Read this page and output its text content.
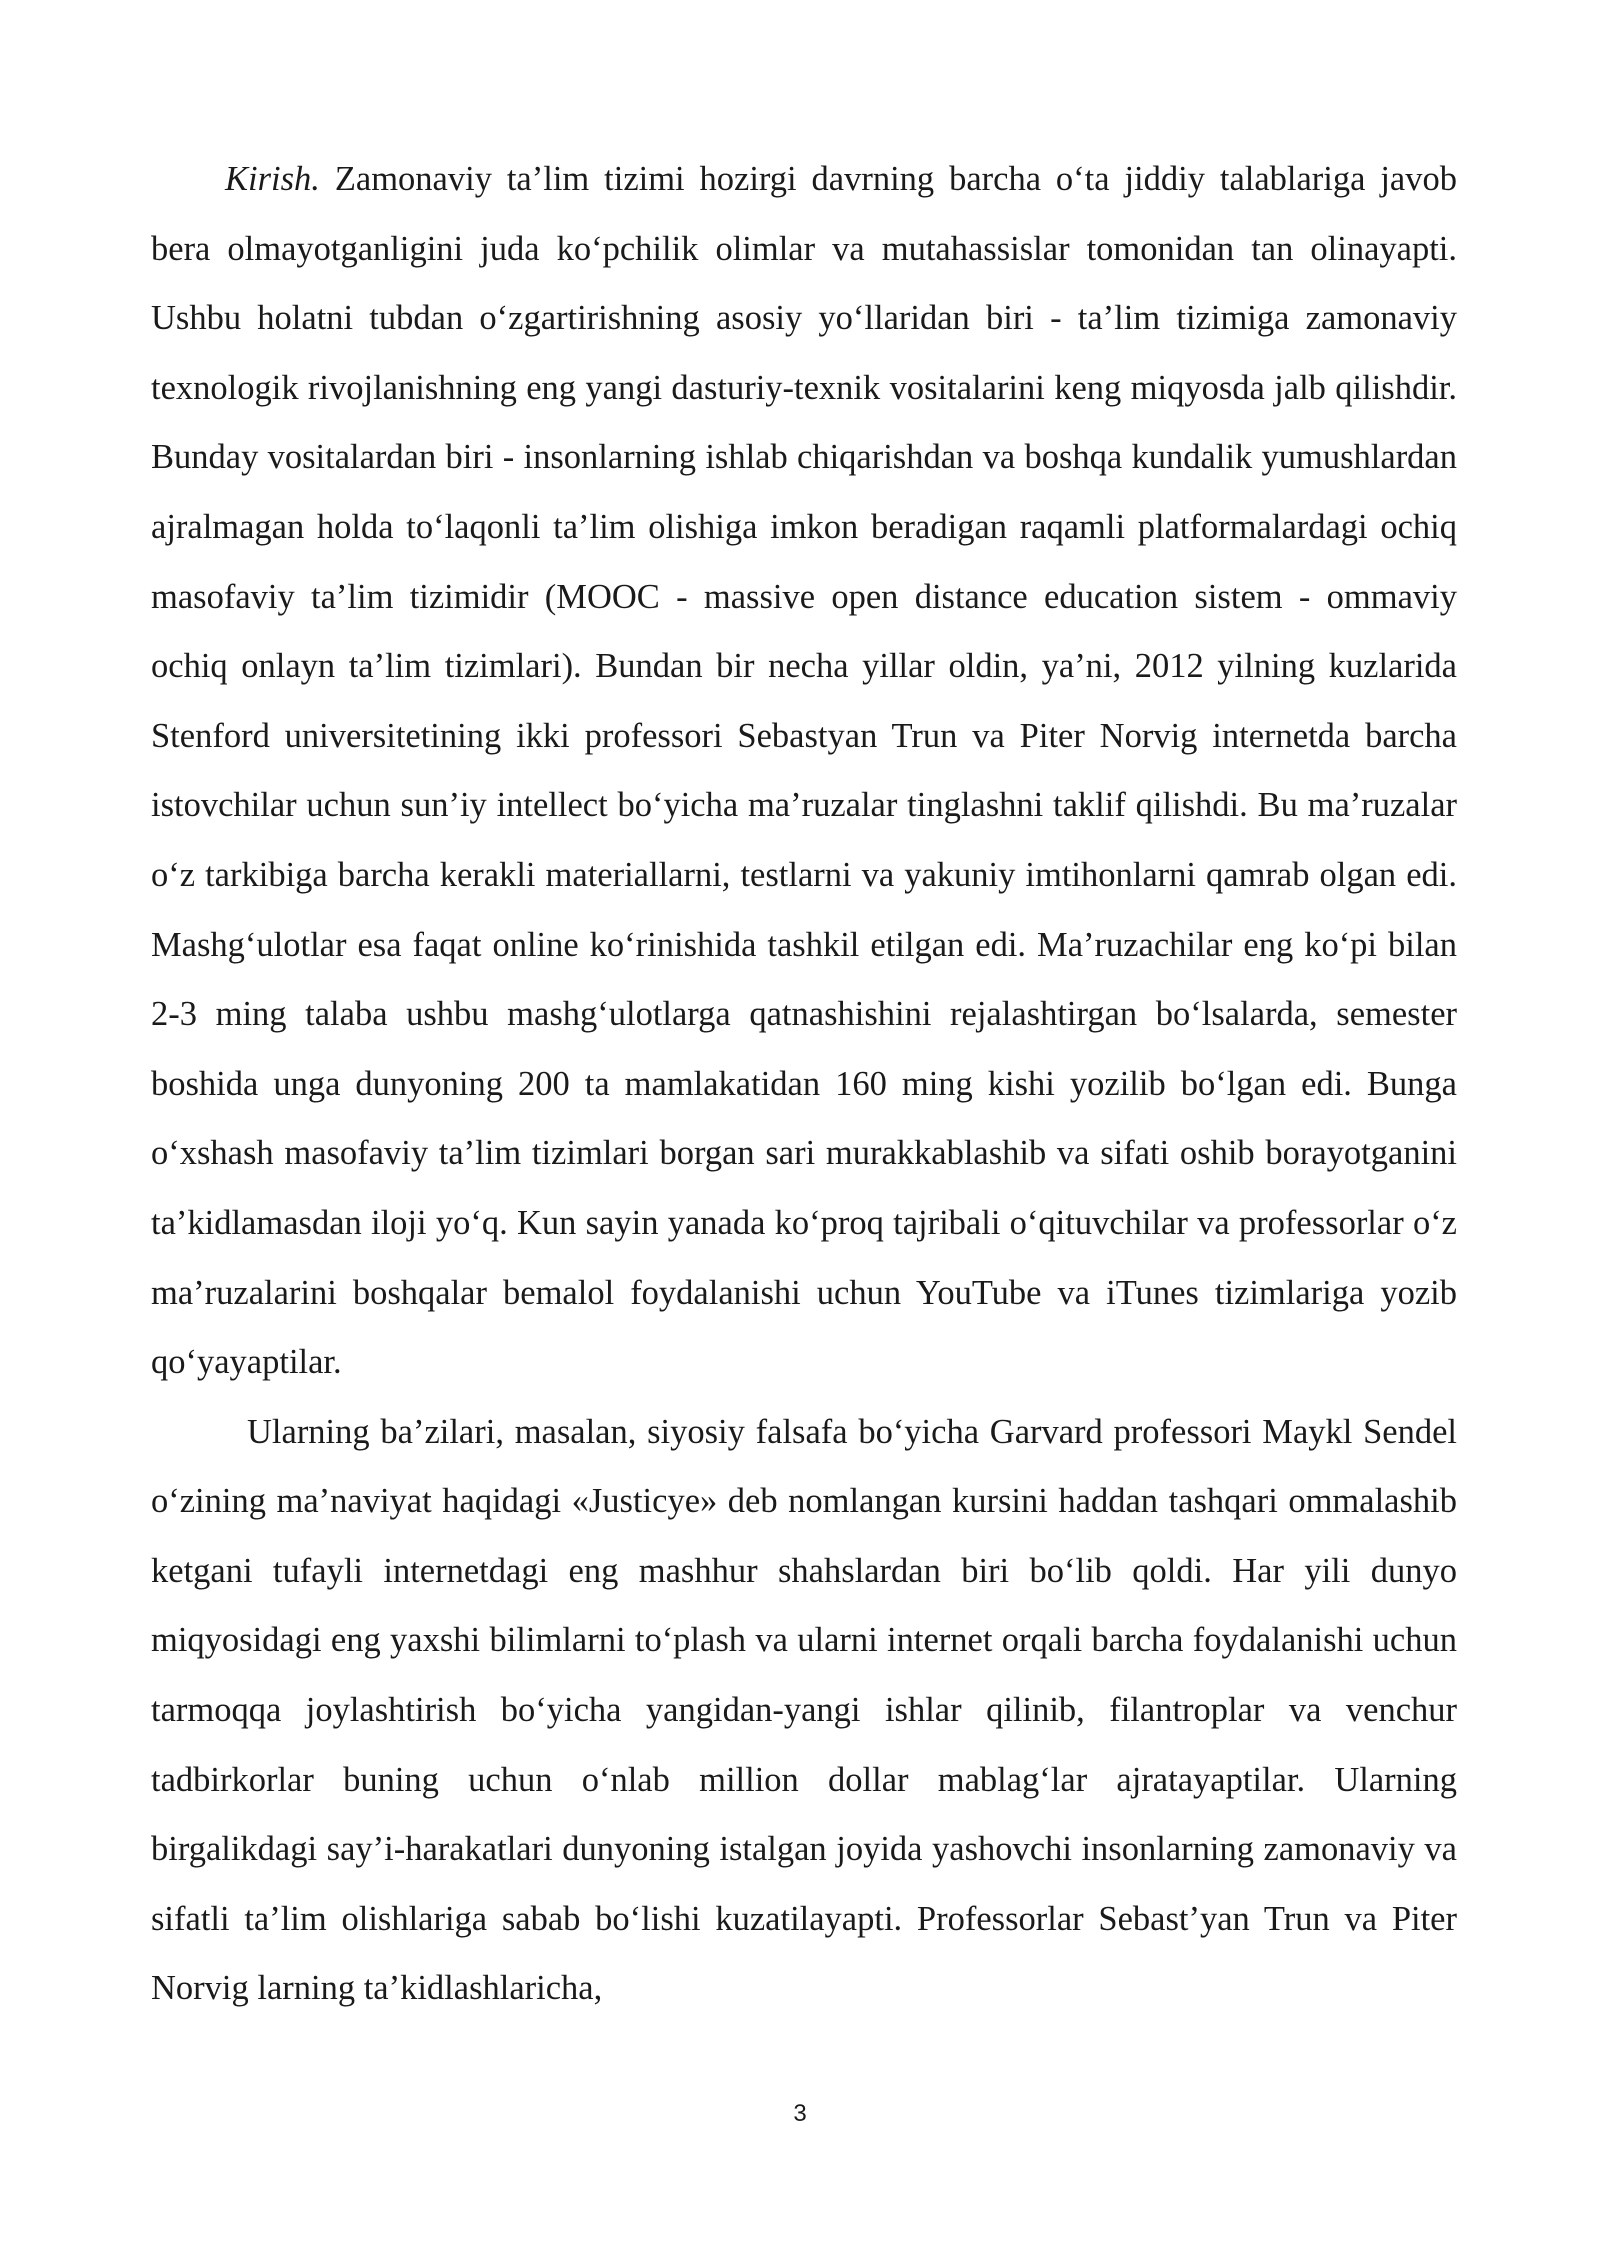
Kirish. Zamonaviy ta’lim tizimi hozirgi davrning barcha o‘ta jiddiy talablariga javob bera olmayotganligini juda ko‘pchilik olimlar va mutahassislar tomonidan tan olinayapti. Ushbu holatni tubdan o‘zgartirishning asosiy yo‘llaridan biri - ta’lim tizimiga zamonaviy texnologik rivojlanishning eng yangi dasturiy-texnik vositalarini keng miqyosda jalb qilishdir. Bunday vositalardan biri - insonlarning ishlab chiqarishdan va boshqa kundalik yumushlardan ajralmagan holda to‘laqonli ta’lim olishiga imkon beradigan raqamli platformalardagi ochiq masofaviy ta’lim tizimidir (MOOC - massive open distance education sistem - ommaviy ochiq onlayn ta’lim tizimlari). Bundan bir necha yillar oldin, ya’ni, 2012 yilning kuzlarida Stenford universitetining ikki professori Sebastyan Trun va Piter Norvig internetda barcha istovchilar uchun sun’iy intellect bo‘yicha ma’ruzalar tinglashni taklif qilishdi. Bu ma’ruzalar o‘z tarkibiga barcha kerakli materiallarni, testlarni va yakuniy imtihonlarni qamrab olgan edi. Mashg‘ulotlar esa faqat online ko‘rinishida tashkil etilgan edi. Ma’ruzachilar eng ko‘pi bilan 2-3 ming talaba ushbu mashg‘ulotlarga qatnashishini rejalashtirgan bo‘lsalarda, semester boshida unga dunyoning 200 ta mamlakatidan 160 ming kishi yozilib bo‘lgan edi. Bunga o‘xshash masofaviy ta’lim tizimlari borgan sari murakkablashib va sifati oshib borayotganini ta’kidlamasdan iloji yo‘q. Kun sayin yanada ko‘proq tajribali o‘qituvchilar va professorlar o‘z ma’ruzalarini boshqalar bemalol foydalanishi uchun YouTube va iTunes tizimlariga yozib qo‘yayaptilar.

Ularning ba’zilari, masalan, siyosiy falsafa bo‘yicha Garvard professori Maykl Sendel o‘zining ma’naviyat haqidagi «Justicye» deb nomlangan kursini haddan tashqari ommalashib ketgani tufayli internetdagi eng mashhur shahslardan biri bo‘lib qoldi. Har yili dunyo miqyosidagi eng yaxshi bilimlarni to‘plash va ularni internet orqali barcha foydalanishi uchun tarmoqqa joylashtirish bo‘yicha yangidan-yangi ishlar qilinib, filantroplar va venchur tadbirkorlar buning uchun o‘nlab million dollar mablag‘lar ajratayaptilar. Ularning birgalikdagi say’i-harakatlari dunyoning istalgan joyida yashovchi insonlarning zamonaviy va sifatli ta’lim olishlariga sabab bo‘lishi kuzatilayapti. Professorlar Sebast’yan Trun va Piter Norvig larning ta’kidlashlaricha,

3
